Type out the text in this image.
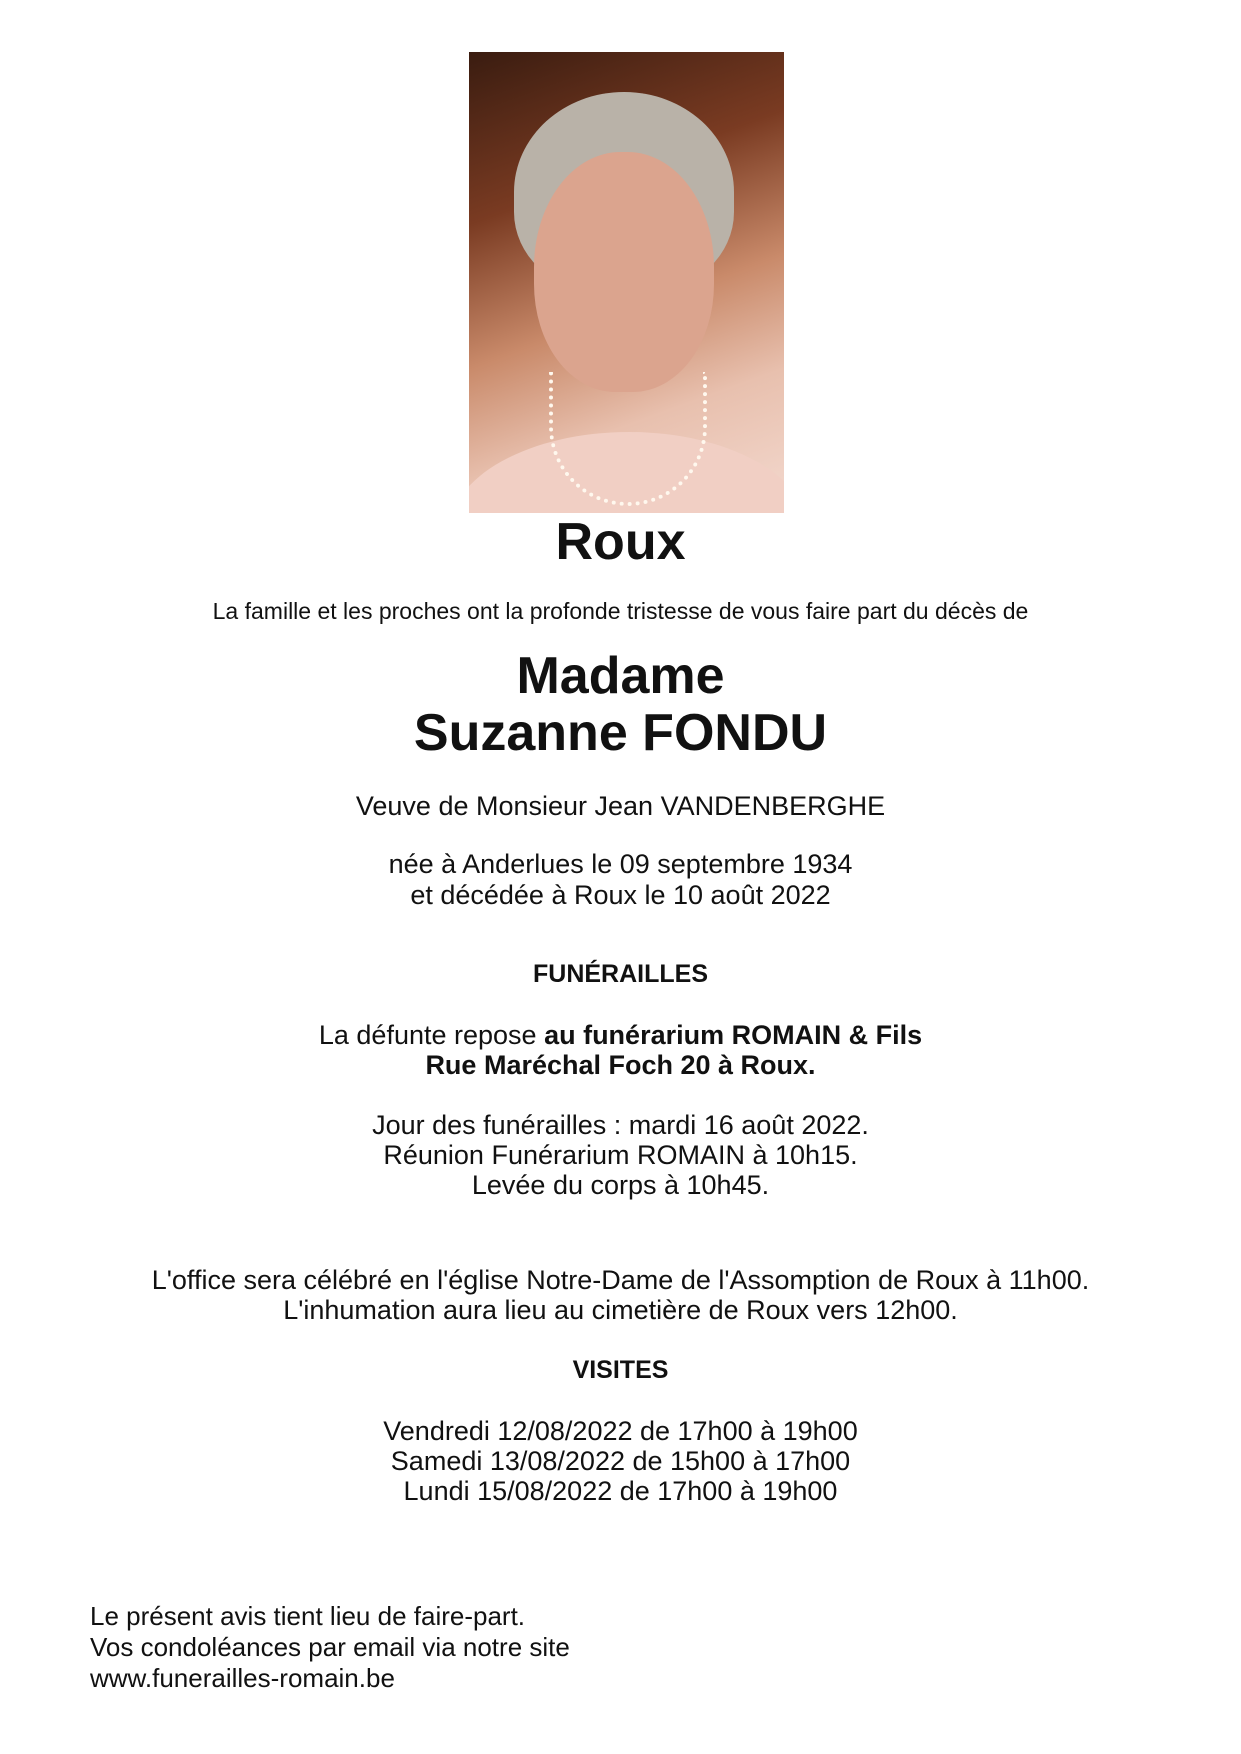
Roux
La famille et les proches ont la profonde tristesse de vous faire part du décès de
Madame
Suzanne FONDU
Veuve de Monsieur Jean VANDENBERGHE
née à Anderlues le 09 septembre 1934
et décédée à Roux le 10 août 2022
FUNÉRAILLES
La défunte repose au funérarium ROMAIN & Fils
Rue Maréchal Foch 20 à Roux.
Jour des funérailles : mardi 16 août 2022.
Réunion Funérarium ROMAIN à 10h15.
Levée du corps à 10h45.
L'office sera célébré en l'église Notre-Dame de l'Assomption de Roux à 11h00.
L'inhumation aura lieu au cimetière de Roux vers 12h00.
VISITES
Vendredi 12/08/2022 de 17h00 à 19h00
Samedi 13/08/2022 de 15h00 à 17h00
Lundi 15/08/2022 de 17h00 à 19h00
Le présent avis tient lieu de faire-part.
Vos condoléances par email via notre site
www.funerailles-romain.be
